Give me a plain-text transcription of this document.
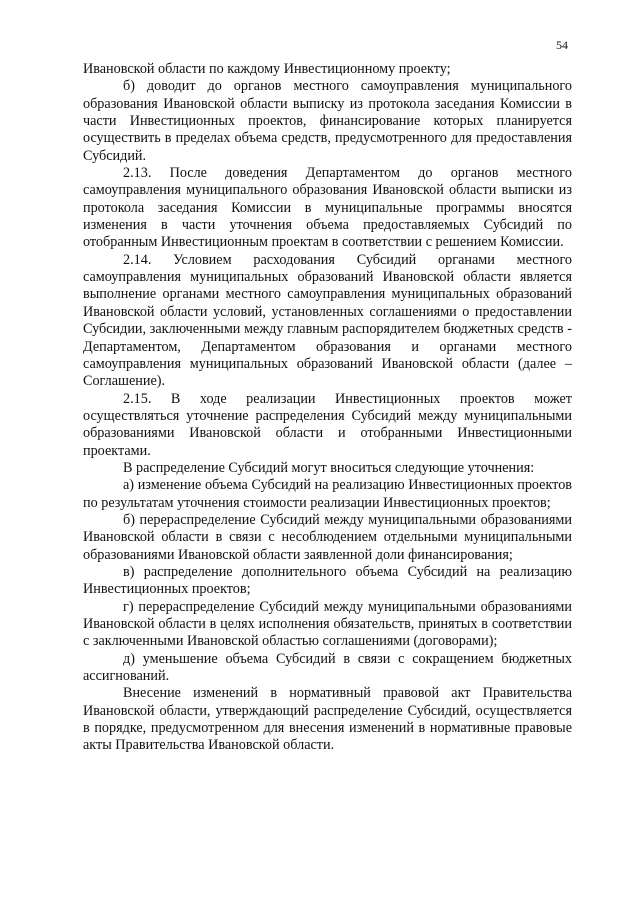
54

Ивановской области по каждому Инвестиционному проекту;

б) доводит до органов местного самоуправления муниципального образования Ивановской области выписку из протокола заседания Комиссии в части Инвестиционных проектов, финансирование которых планируется осуществить в пределах объема средств, предусмотренного для предоставления Субсидий.

2.13. После доведения Департаментом до органов местного самоуправления муниципального образования Ивановской области выписки из протокола заседания Комиссии в муниципальные программы вносятся изменения в части уточнения объема предоставляемых Субсидий по отобранным Инвестиционным проектам в соответствии с решением Комиссии.

2.14. Условием расходования Субсидий органами местного самоуправления муниципальных образований Ивановской области является выполнение органами местного самоуправления муниципальных образований Ивановской области условий, установленных соглашениями о предоставлении Субсидии, заключенными между главным распорядителем бюджетных средств - Департаментом, Департаментом образования и органами местного самоуправления муниципальных образований Ивановской области (далее – Соглашение).

2.15. В ходе реализации Инвестиционных проектов может осуществляться уточнение распределения Субсидий между муниципальными образованиями Ивановской области и отобранными Инвестиционными проектами.

В распределение Субсидий могут вноситься следующие уточнения:

а) изменение объема Субсидий на реализацию Инвестиционных проектов по результатам уточнения стоимости реализации Инвестиционных проектов;

б) перераспределение Субсидий между муниципальными образованиями Ивановской области в связи с несоблюдением отдельными муниципальными образованиями Ивановской области заявленной доли финансирования;

в) распределение дополнительного объема Субсидий на реализацию Инвестиционных проектов;

г) перераспределение Субсидий между муниципальными образованиями Ивановской области в целях исполнения обязательств, принятых в соответствии с заключенными Ивановской областью соглашениями (договорами);

д) уменьшение объема Субсидий в связи с сокращением бюджетных ассигнований.

Внесение изменений в нормативный правовой акт Правительства Ивановской области, утверждающий распределение Субсидий, осуществляется в порядке, предусмотренном для внесения изменений в нормативные правовые акты Правительства Ивановской области.
